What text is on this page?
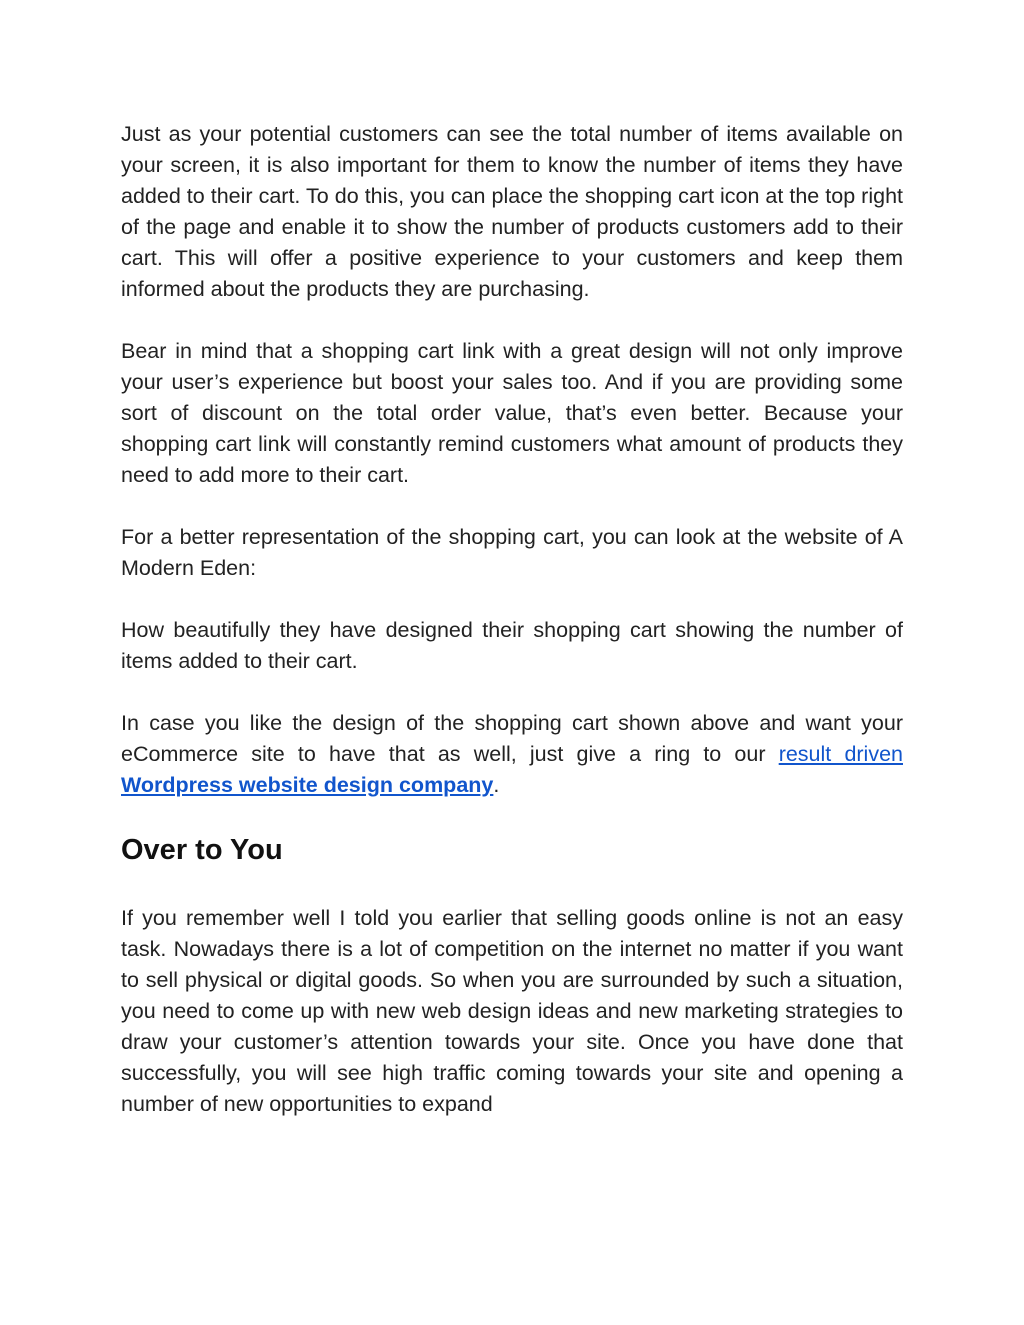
Just as your potential customers can see the total number of items available on your screen, it is also important for them to know the number of items they have added to their cart. To do this, you can place the shopping cart icon at the top right of the page and enable it to show the number of products customers add to their cart. This will offer a positive experience to your customers and keep them informed about the products they are purchasing.

Bear in mind that a shopping cart link with a great design will not only improve your user’s experience but boost your sales too. And if you are providing some sort of discount on the total order value, that’s even better. Because your shopping cart link will constantly remind customers what amount of products they need to add more to their cart.

For a better representation of the shopping cart, you can look at the website of A Modern Eden:

How beautifully they have designed their shopping cart showing the number of items added to their cart.

In case you like the design of the shopping cart shown above and want your eCommerce site to have that as well, just give a ring to our result driven Wordpress website design company.

Over to You

If you remember well I told you earlier that selling goods online is not an easy task. Nowadays there is a lot of competition on the internet no matter if you want to sell physical or digital goods. So when you are surrounded by such a situation, you need to come up with new web design ideas and new marketing strategies to draw your customer’s attention towards your site. Once you have done that successfully, you will see high traffic coming towards your site and opening a number of new opportunities to expand
